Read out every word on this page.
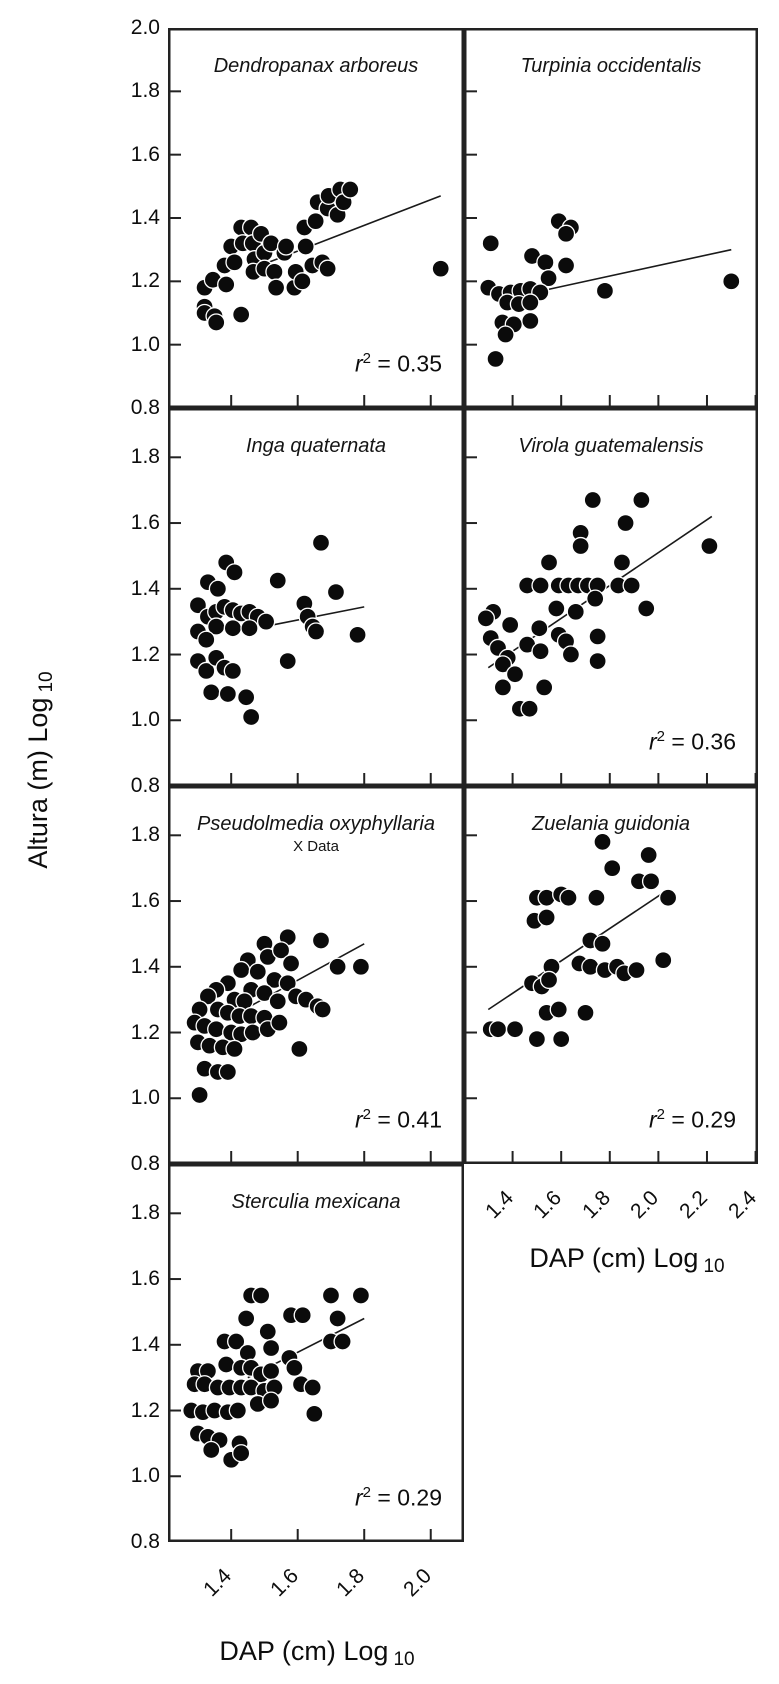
Altura (m) Log10
DAP (cm) Log 10
DAP (cm) Log 10
2.0
1.8
1.6
1.4
1.2
1.0
0.8
Dendropanax arboreus
$r^2 = 0.35$
Turpinia occidentalis
1.8
1.6
1.4
1.2
1.0
0.8
Inga quaternata	Virola guatemalensis
$r^2 = 0.36$
1.8
1.6
1.4
1.2
1.0
0.8
Pseudolmedia oxyphyllaria
X Data
$r^2 = 0.41$
1.4 1.6 1.8 2.0 2.2 2.4
Zuelania guidonia
$r^2 = 0.29$
1.8
1.6
1.4
1.2
1.0
0.8
1.4	1.6	1.8	2.0
Sterculia mexicana
$r^2 = 0.29$
